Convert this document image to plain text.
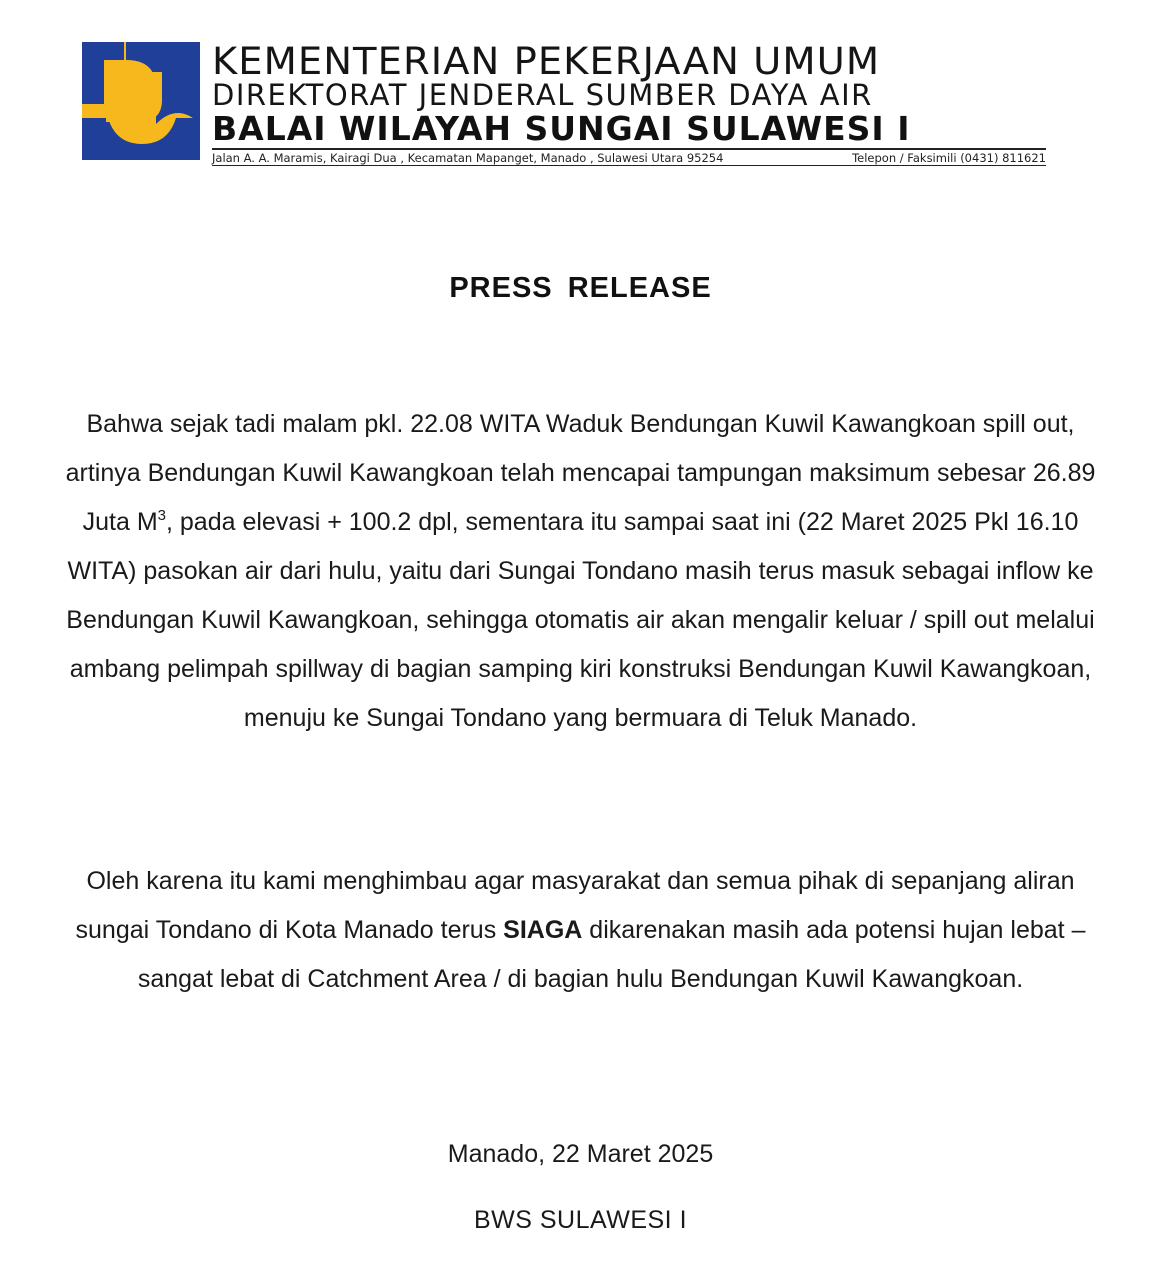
KEMENTERIAN PEKERJAAN UMUM
DIREKTORAT JENDERAL SUMBER DAYA AIR
BALAI WILAYAH SUNGAI SULAWESI I
Jalan A. A. Maramis, Kairagi Dua , Kecamatan Mapanget, Manado , Sulawesi Utara 95254	Telepon / Faksimili (0431) 811621
PRESS RELEASE
Bahwa sejak tadi malam pkl. 22.08 WITA Waduk Bendungan Kuwil Kawangkoan spill out, artinya Bendungan Kuwil Kawangkoan telah mencapai tampungan maksimum sebesar 26.89 Juta $M^3$, pada elevasi + 100.2 dpl, sementara itu sampai saat ini (22 Maret 2025 Pkl 16.10 WITA) pasokan air dari hulu, yaitu dari Sungai Tondano masih terus masuk sebagai inflow ke Bendungan Kuwil Kawangkoan, sehingga otomatis air akan mengalir keluar / spill out melalui ambang pelimpah spillway di bagian samping kiri konstruksi Bendungan Kuwil Kawangkoan, menuju ke Sungai Tondano yang bermuara di Teluk Manado.
Oleh karena itu kami menghimbau agar masyarakat dan semua pihak di sepanjang aliran sungai Tondano di Kota Manado terus SIAGA dikarenakan masih ada potensi hujan lebat – sangat lebat di Catchment Area / di bagian hulu Bendungan Kuwil Kawangkoan.
Manado, 22 Maret 2025
BWS SULAWESI I
